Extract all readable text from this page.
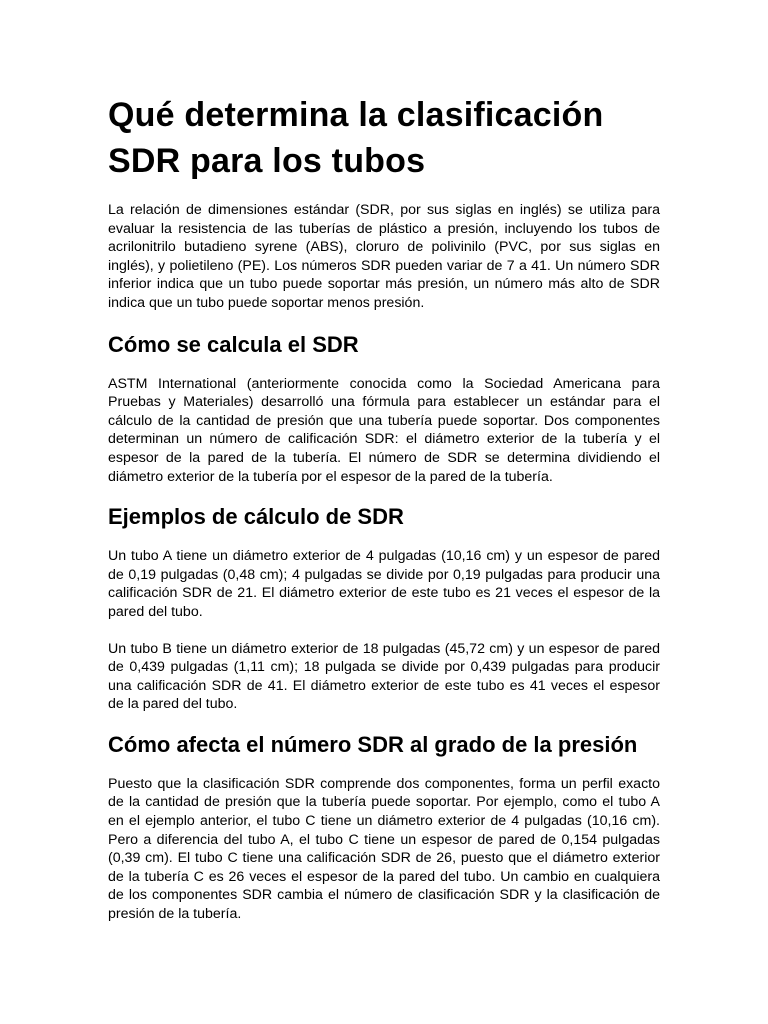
Qué determina la clasificación SDR para los tubos

La relación de dimensiones estándar (SDR, por sus siglas en inglés) se utiliza para evaluar la resistencia de las tuberías de plástico a presión, incluyendo los tubos de acrilonitrilo butadieno syrene (ABS), cloruro de polivinilo (PVC, por sus siglas en inglés), y polietileno (PE). Los números SDR pueden variar de 7 a 41. Un número SDR inferior indica que un tubo puede soportar más presión, un número más alto de SDR indica que un tubo puede soportar menos presión.

Cómo se calcula el SDR

ASTM International (anteriormente conocida como la Sociedad Americana para Pruebas y Materiales) desarrolló una fórmula para establecer un estándar para el cálculo de la cantidad de presión que una tubería puede soportar. Dos componentes determinan un número de calificación SDR: el diámetro exterior de la tubería y el espesor de la pared de la tubería. El número de SDR se determina dividiendo el diámetro exterior de la tubería por el espesor de la pared de la tubería.

Ejemplos de cálculo de SDR

Un tubo A tiene un diámetro exterior de 4 pulgadas (10,16 cm) y un espesor de pared de 0,19 pulgadas (0,48 cm); 4 pulgadas se divide por 0,19 pulgadas para producir una calificación SDR de 21. El diámetro exterior de este tubo es 21 veces el espesor de la pared del tubo.

Un tubo B tiene un diámetro exterior de 18 pulgadas (45,72 cm) y un espesor de pared de 0,439 pulgadas (1,11 cm); 18 pulgada se divide por 0,439 pulgadas para producir una calificación SDR de 41. El diámetro exterior de este tubo es 41 veces el espesor de la pared del tubo.

Cómo afecta el número SDR al grado de la presión

Puesto que la clasificación SDR comprende dos componentes, forma un perfil exacto de la cantidad de presión que la tubería puede soportar. Por ejemplo, como el tubo A en el ejemplo anterior, el tubo C tiene un diámetro exterior de 4 pulgadas (10,16 cm). Pero a diferencia del tubo A, el tubo C tiene un espesor de pared de 0,154 pulgadas (0,39 cm). El tubo C tiene una calificación SDR de 26, puesto que el diámetro exterior de la tubería C es 26 veces el espesor de la pared del tubo. Un cambio en cualquiera de los componentes SDR cambia el número de clasificación SDR y la clasificación de presión de la tubería.
